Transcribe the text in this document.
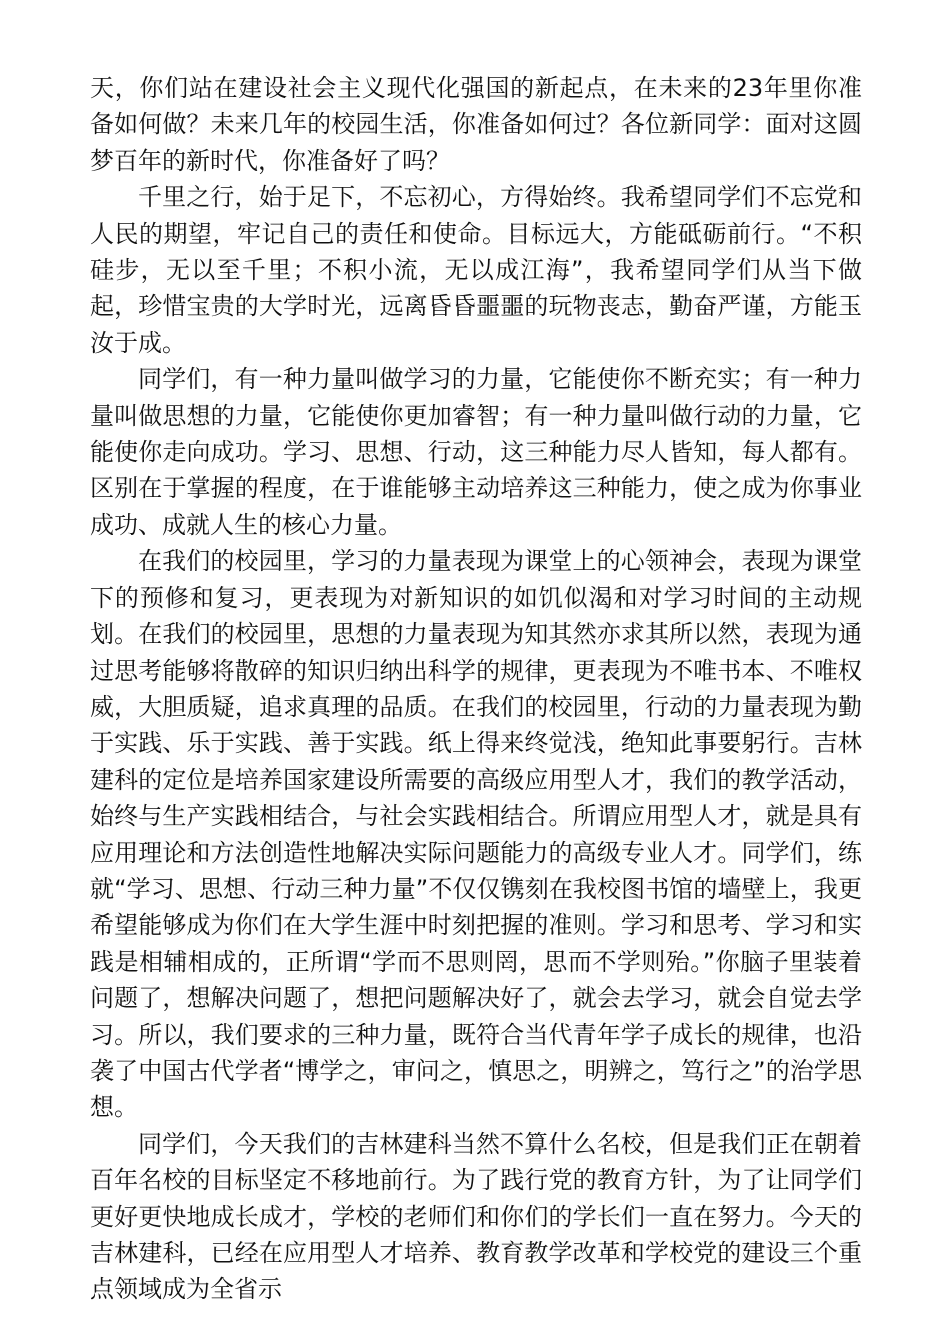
天，你们站在建设社会主义现代化强国的新起点，在未来的23年里你准备如何做？未来几年的校园生活，你准备如何过？各位新同学：面对这圆梦百年的新时代，你准备好了吗？

千里之行，始于足下，不忘初心，方得始终。我希望同学们不忘党和人民的期望，牢记自己的责任和使命。目标远大，方能砥砺前行。“不积硅步，无以至千里；不积小流，无以成江海”，我希望同学们从当下做起，珍惜宝贵的大学时光，远离昏昏噩噩的玩物丧志，勤奋严谨，方能玉汝于成。

同学们，有一种力量叫做学习的力量，它能使你不断充实；有一种力量叫做思想的力量，它能使你更加睿智；有一种力量叫做行动的力量，它能使你走向成功。学习、思想、行动，这三种能力尽人皆知，每人都有。区别在于掌握的程度，在于谁能够主动培养这三种能力，使之成为你事业成功、成就人生的核心力量。

在我们的校园里，学习的力量表现为课堂上的心领神会，表现为课堂下的预修和复习，更表现为对新知识的如饥似渴和对学习时间的主动规划。在我们的校园里，思想的力量表现为知其然亦求其所以然，表现为通过思考能够将散碎的知识归纳出科学的规律，更表现为不唯书本、不唯权威，大胆质疑，追求真理的品质。在我们的校园里，行动的力量表现为勤于实践、乐于实践、善于实践。纸上得来终觉浅，绝知此事要躬行。吉林建科的定位是培养国家建设所需要的高级应用型人才，我们的教学活动，始终与生产实践相结合，与社会实践相结合。所谓应用型人才，就是具有应用理论和方法创造性地解决实际问题能力的高级专业人才。同学们，练就“学习、思想、行动三种力量”不仅仅镌刻在我校图书馆的墙壁上，我更希望能够成为你们在大学生涯中时刻把握的准则。学习和思考、学习和实践是相辅相成的，正所谓“学而不思则罔，思而不学则殆。”你脑子里装着问题了，想解决问题了，想把问题解决好了，就会去学习，就会自觉去学习。所以，我们要求的三种力量，既符合当代青年学子成长的规律，也沿袭了中国古代学者“博学之，审问之，慎思之，明辨之，笃行之”的治学思想。

同学们，今天我们的吉林建科当然不算什么名校，但是我们正在朝着百年名校的目标坚定不移地前行。为了践行党的教育方针，为了让同学们更好更快地成长成才，学校的老师们和你们的学长们一直在努力。今天的吉林建科，已经在应用型人才培养、教育教学改革和学校党的建设三个重点领域成为全省示
